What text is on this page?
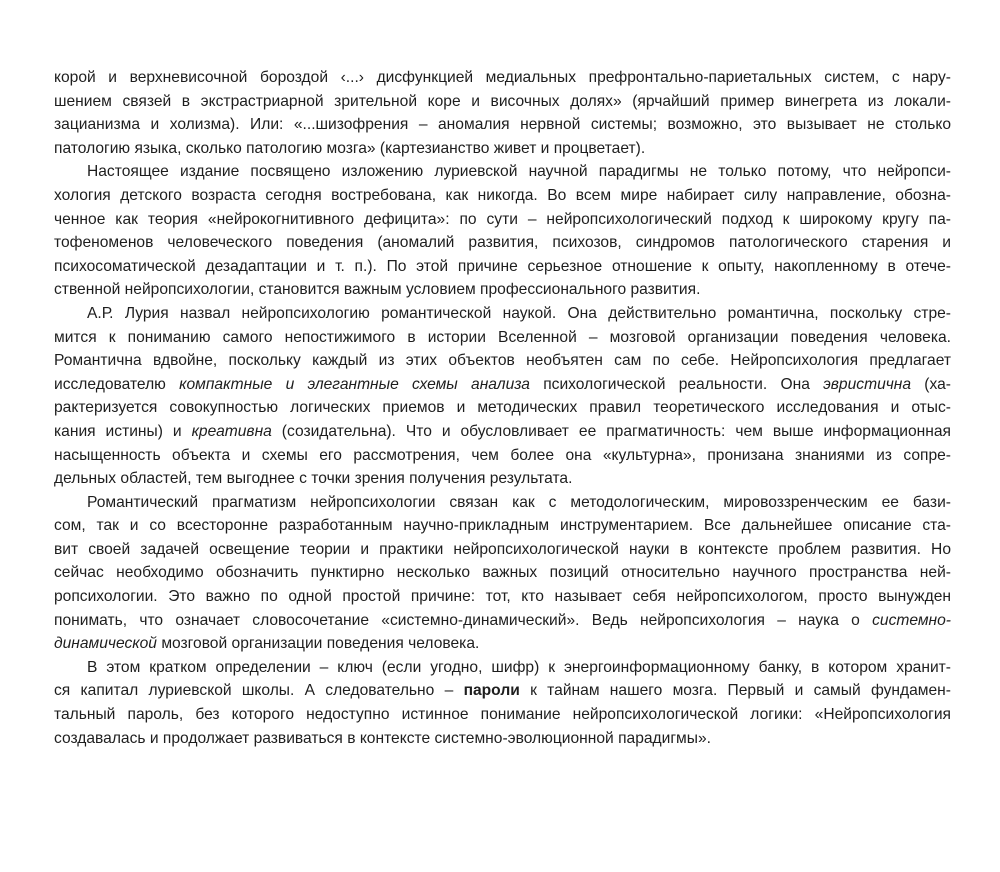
корой и верхневисочной бороздой ‹...› дисфункцией медиальных префронтально-париетальных систем, с нару-
шением связей в экстрастриарной зрительной коре и височных долях» (ярчайший пример винегрета из локали-
зацианизма и холизма). Или: «...шизофрения – аномалия нервной системы; возможно, это вызывает не столько
патологию языка, сколько патологию мозга» (картезианство живет и процветает).
Настоящее издание посвящено изложению луриевской научной парадигмы не только потому, что нейропси-
хология детского возраста сегодня востребована, как никогда. Во всем мире набирает силу направление, обозна-
ченное как теория «нейрокогнитивного дефицита»: по сути – нейропсихологический подход к широкому кругу па-
тофеноменов человеческого поведения (аномалий развития, психозов, синдромов патологического старения и
психосоматической дезадаптации и т. п.). По этой причине серьезное отношение к опыту, накопленному в отече-
ственной нейропсихологии, становится важным условием профессионального развития.
А.Р. Лурия назвал нейропсихологию романтической наукой. Она действительно романтична, поскольку стре-
мится к пониманию самого непостижимого в истории Вселенной – мозговой организации поведения человека.
Романтична вдвойне, поскольку каждый из этих объектов необъятен сам по себе. Нейропсихология предлагает
исследователю компактные и элегантные схемы анализа психологической реальности. Она эвристична (ха-
рактеризуется совокупностью логических приемов и методических правил теоретического исследования и отыс-
кания истины) и креативна (созидательна). Что и обусловливает ее прагматичность: чем выше информационная
насыщенность объекта и схемы его рассмотрения, чем более она «культурна», пронизана знаниями из сопре-
дельных областей, тем выгоднее с точки зрения получения результата.
Романтический прагматизм нейропсихологии связан как с методологическим, мировоззренческим ее бази-
сом, так и со всесторонне разработанным научно-прикладным инструментарием. Все дальнейшее описание ста-
вит своей задачей освещение теории и практики нейропсихологической науки в контексте проблем развития. Но
сейчас необходимо обозначить пунктирно несколько важных позиций относительно научного пространства ней-
ропсихологии. Это важно по одной простой причине: тот, кто называет себя нейропсихологом, просто вынужден
понимать, что означает словосочетание «системно-динамический». Ведь нейропсихология – наука о системно-
динамической мозговой организации поведения человека.
В этом кратком определении – ключ (если угодно, шифр) к энергоинформационному банку, в котором хранит-
ся капитал луриевской школы. А следовательно – пароли к тайнам нашего мозга. Первый и самый фундамен-
тальный пароль, без которого недоступно истинное понимание нейропсихологической логики: «Нейропсихология
создавалась и продолжает развиваться в контексте системно-эволюционной парадигмы».
